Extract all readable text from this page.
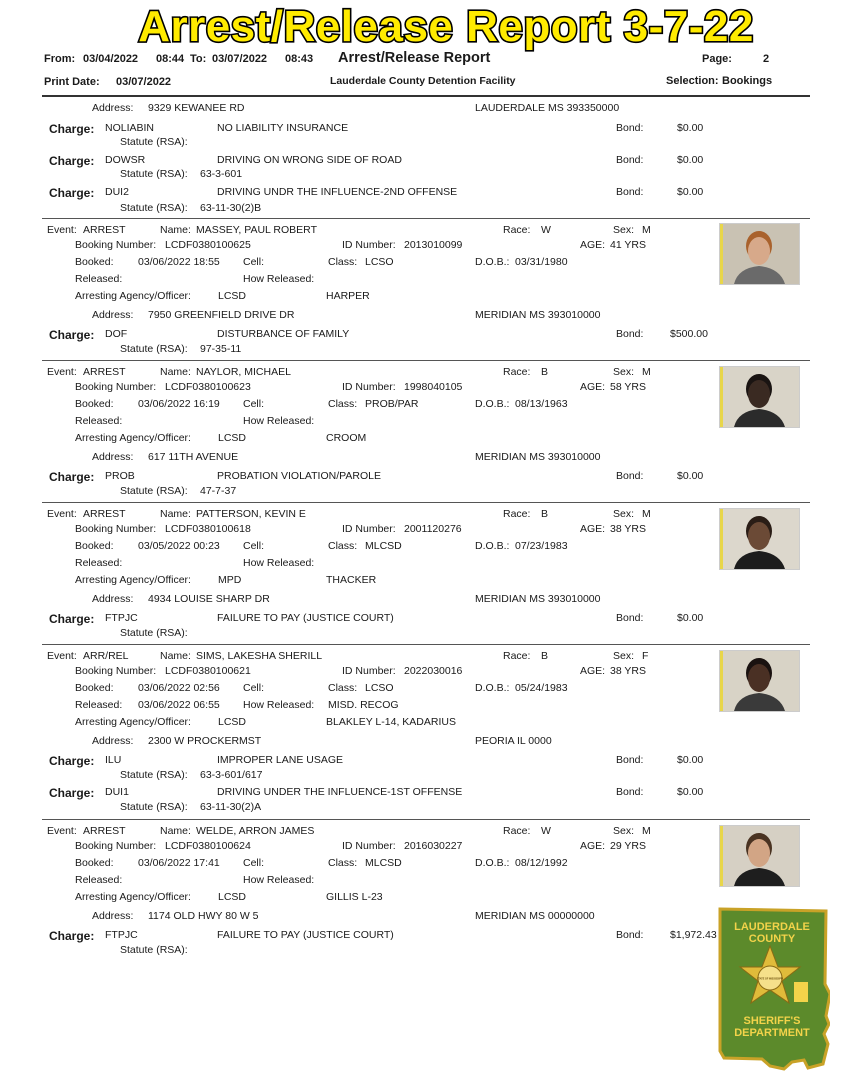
Arrest/Release Report 3-7-22
From: 03/04/2022 08:44 To: 03/07/2022 08:43 Arrest/Release Report	Page:	2
Print Date: 03/07/2022	Lauderdale County Detention Facility	Selection: Bookings
Address: 9329 KEWANEE RD	LAUDERDALE MS 393350000
Charge: NOLIABIN	NO LIABILITY INSURANCE	Bond:	$0.00
Statute (RSA):
Charge: DOWSR	DRIVING ON WRONG SIDE OF ROAD	Bond:	$0.00
Statute (RSA): 63-3-601
Charge: DUI2	DRIVING UNDR THE INFLUENCE-2ND OFFENSE	Bond:	$0.00
Statute (RSA): 63-11-30(2)B
Event: ARREST	Name: MASSEY, PAUL ROBERT	Race: W	Sex: M
Booking Number: LCDF0380100625	ID Number: 2013010099	AGE: 41 YRS
Booked: 03/06/2022 18:55 Cell:	Class: LCSO	D.O.B.: 03/31/1980
Released:	How Released:
Arresting Agency/Officer:	LCSD	HARPER
Address: 7950 GREENFIELD DRIVE DR	MERIDIAN MS 393010000
Charge: DOF	DISTURBANCE OF FAMILY	Bond:	$500.00
Statute (RSA): 97-35-11
Event: ARREST	Name: NAYLOR, MICHAEL	Race: B	Sex: M
Booking Number: LCDF0380100623	ID Number: 1998040105	AGE: 58 YRS
Booked: 03/06/2022 16:19 Cell:	Class: PROB/PAR	D.O.B.: 08/13/1963
Released:	How Released:
Arresting Agency/Officer:	LCSD	CROOM
Address: 617 11TH AVENUE	MERIDIAN MS 393010000
Charge: PROB	PROBATION VIOLATION/PAROLE	Bond:	$0.00
Statute (RSA): 47-7-37
Event: ARREST	Name: PATTERSON, KEVIN E	Race: B	Sex: M
Booking Number: LCDF0380100618	ID Number: 2001120276	AGE: 38 YRS
Booked: 03/05/2022 00:23 Cell:	Class: MLCSD	D.O.B.: 07/23/1983
Released:	How Released:
Arresting Agency/Officer:	MPD	THACKER
Address: 4934 LOUISE SHARP DR	MERIDIAN MS 393010000
Charge: FTPJC	FAILURE TO PAY (JUSTICE COURT)	Bond:	$0.00
Statute (RSA):
Event: ARR/REL	Name: SIMS, LAKESHA SHERILL	Race: B	Sex: F
Booking Number: LCDF0380100621	ID Number: 2022030016	AGE: 38 YRS
Booked: 03/06/2022 02:56 Cell:	Class: LCSO	D.O.B.: 05/24/1983
Released: 03/06/2022 06:55 How Released: MISD. RECOG
Arresting Agency/Officer:	LCSD	BLAKLEY L-14, KADARIUS
Address: 2300 W PROCKERMST	PEORIA IL 0000
Charge: ILU	IMPROPER LANE USAGE	Bond:	$0.00
Statute (RSA): 63-3-601/617
Charge: DUI1	DRIVING UNDER THE INFLUENCE-1ST OFFENSE	Bond:	$0.00
Statute (RSA): 63-11-30(2)A
Event: ARREST	Name: WELDE, ARRON JAMES	Race: W	Sex: M
Booking Number: LCDF0380100624	ID Number: 2016030227	AGE: 29 YRS
Booked: 03/06/2022 17:41 Cell:	Class: MLCSD	D.O.B.: 08/12/1992
Released:	How Released:
Arresting Agency/Officer:	LCSD	GILLIS L-23
Address: 1174 OLD HWY 80 W 5	MERIDIAN MS 00000000
Charge: FTPJC	FAILURE TO PAY (JUSTICE COURT)	Bond:	$1,972.43
Statute (RSA):
LAUDERDALE
COUNTY
STATE OF MISSISSIPPI
SHERIFF'S
DEPARTMENT
